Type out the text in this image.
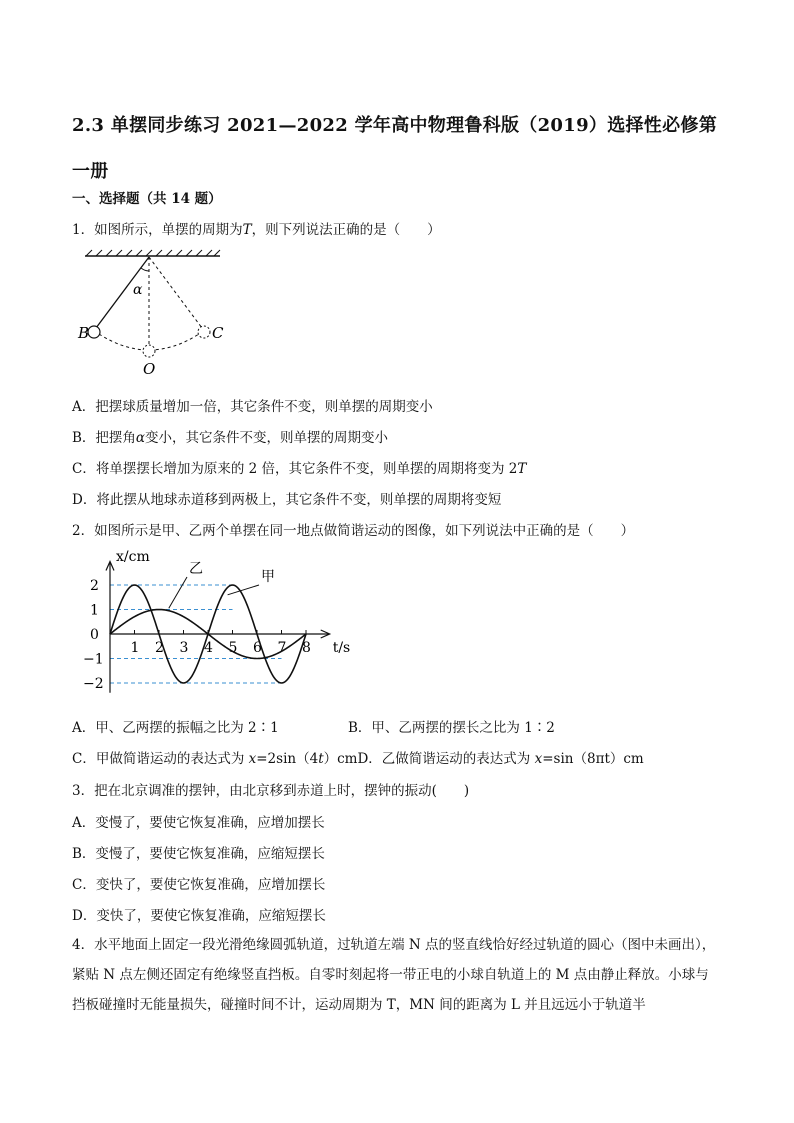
2.3 单摆同步练习 2021—2022 学年高中物理鲁科版（2019）选择性必修第一册
一、选择题（共 14 题）
1．如图所示，单摆的周期为T，则下列说法正确的是（　　）
α
B	C
O
A．把摆球质量增加一倍，其它条件不变，则单摆的周期变小
B．把摆角α变小，其它条件不变，则单摆的周期变小
C．将单摆摆长增加为原来的 2 倍，其它条件不变，则单摆的周期将变为 2T
D．将此摆从地球赤道移到两极上，其它条件不变，则单摆的周期将变短
2．如图所示是甲、乙两个单摆在同一地点做简谐运动的图像，如下列说法中正确的是（　　）
x/cm
t/s
1 2 3 4 5 6 7 8
2
1
0
−1
−2
甲
乙
A．甲、乙两摆的振幅之比为 2∶1	B．甲、乙两摆的摆长之比为 1∶2
C．甲做简谐运动的表达式为 x=2sin（4t）cmD．乙做简谐运动的表达式为 x=sin（8πt）cm
3．把在北京调准的摆钟，由北京移到赤道上时，摆钟的振动(　　)
A．变慢了，要使它恢复准确，应增加摆长
B．变慢了，要使它恢复准确，应缩短摆长
C．变快了，要使它恢复准确，应增加摆长
D．变快了，要使它恢复准确，应缩短摆长
4．水平地面上固定一段光滑绝缘圆弧轨道，过轨道左端 N 点的竖直线恰好经过轨道的圆心（图中未画出），紧贴 N 点左侧还固定有绝缘竖直挡板。自零时刻起将一带正电的小球自轨道上的 M 点由静止释放。小球与挡板碰撞时无能量损失，碰撞时间不计，运动周期为 T，MN 间的距离为 L 并且远远小于轨道半
